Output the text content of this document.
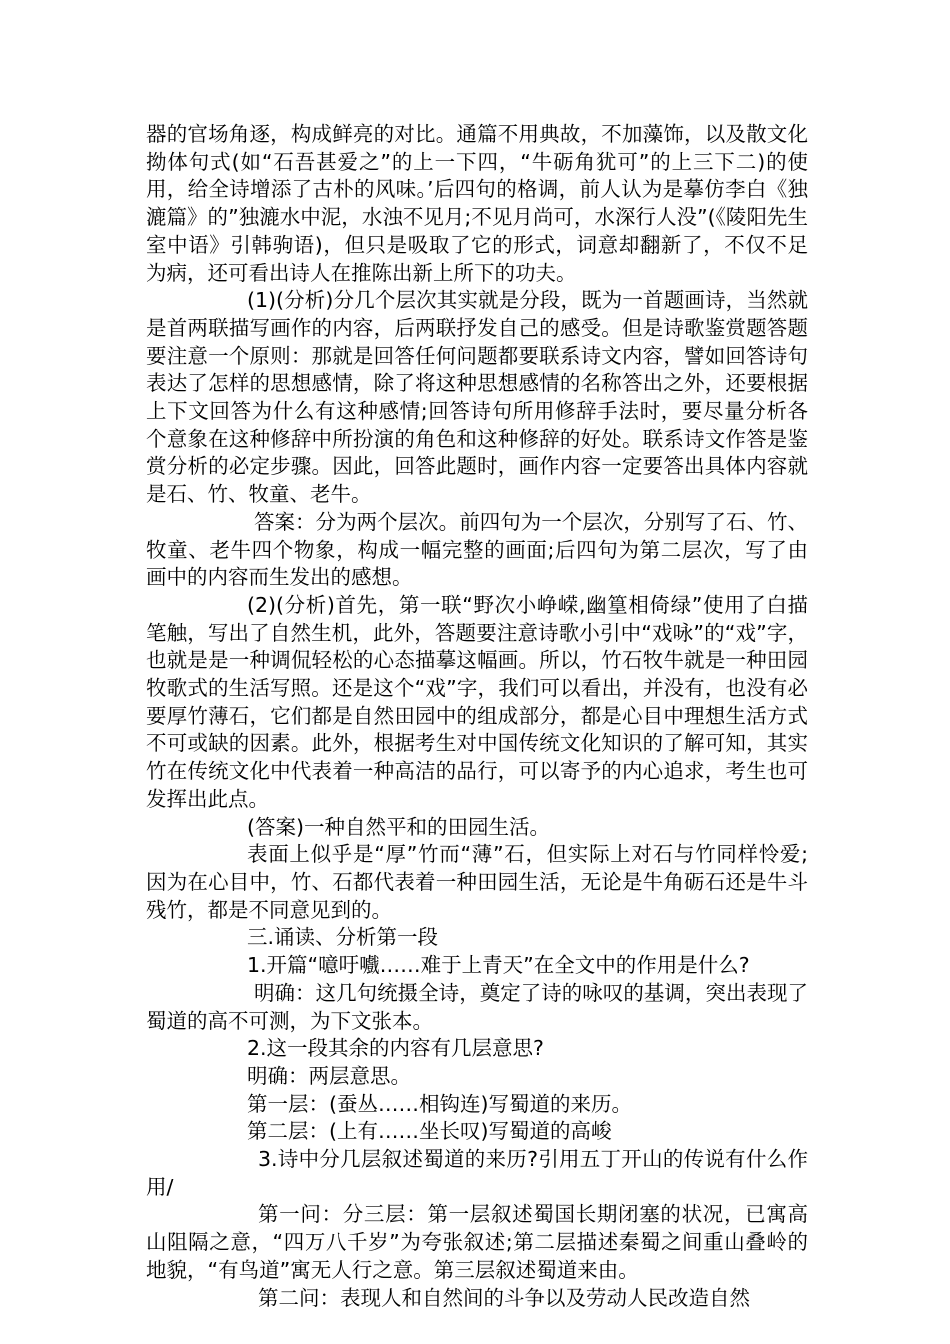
器的官场角逐，构成鲜亮的对比。通篇不用典故，不加藻饰，以及散文化拗体句式(如“石吾甚爱之”的上一下四，“牛砺角犹可”的上三下二)的使用，给全诗增添了古朴的风味。’后四句的格调，前人认为是摹仿李白《独漉篇》的”独漉水中泥，水浊不见月;不见月尚可，水深行人没”(《陵阳先生室中语》引韩驹语)，但只是吸取了它的形式，词意却翻新了，不仅不足为病，还可看出诗人在推陈出新上所下的功夫。

(1)(分析)分几个层次其实就是分段，既为一首题画诗，当然就是首两联描写画作的内容，后两联抒发自己的感受。但是诗歌鉴赏题答题要注意一个原则：那就是回答任何问题都要联系诗文内容，譬如回答诗句表达了怎样的思想感情，除了将这种思想感情的名称答出之外，还要根据上下文回答为什么有这种感情;回答诗句所用修辞手法时，要尽量分析各个意象在这种修辞中所扮演的角色和这种修辞的好处。联系诗文作答是鉴赏分析的必定步骤。因此，回答此题时，画作内容一定要答出具体内容就是石、竹、牧童、老牛。

答案：分为两个层次。前四句为一个层次，分别写了石、竹、牧童、老牛四个物象，构成一幅完整的画面;后四句为第二层次，写了由画中的内容而生发出的感想。

(2)(分析)首先，第一联“野次小峥嵘,幽篁相倚绿”使用了白描笔触，写出了自然生机，此外，答题要注意诗歌小引中“戏咏”的“戏”字，也就是是一种调侃轻松的心态描摹这幅画。所以，竹石牧牛就是一种田园牧歌式的生活写照。还是这个“戏”字，我们可以看出，并没有，也没有必要厚竹薄石，它们都是自然田园中的组成部分，都是心目中理想生活方式不可或缺的因素。此外，根据考生对中国传统文化知识的了解可知，其实竹在传统文化中代表着一种高洁的品行，可以寄予的内心追求，考生也可发挥出此点。

(答案)一种自然平和的田园生活。

表面上似乎是“厚”竹而“薄”石，但实际上对石与竹同样怜爱;因为在心目中，竹、石都代表着一种田园生活，无论是牛角砺石还是牛斗残竹，都是不同意见到的。

三.诵读、分析第一段

1.开篇“噫吁嚱……难于上青天”在全文中的作用是什么?

明确：这几句统摄全诗，奠定了诗的咏叹的基调，突出表现了蜀道的高不可测，为下文张本。

2.这一段其余的内容有几层意思?

明确：两层意思。

第一层：(蚕丛……相钩连)写蜀道的来历。

第二层：(上有……坐长叹)写蜀道的高峻

3.诗中分几层叙述蜀道的来历?引用五丁开山的传说有什么作用/

第一问：分三层：第一层叙述蜀国长期闭塞的状况，已寓高山阻隔之意，“四万八千岁”为夸张叙述;第二层描述秦蜀之间重山叠岭的地貌，“有鸟道”寓无人行之意。第三层叙述蜀道来由。

第二问：表现人和自然间的斗争以及劳动人民改造自然
